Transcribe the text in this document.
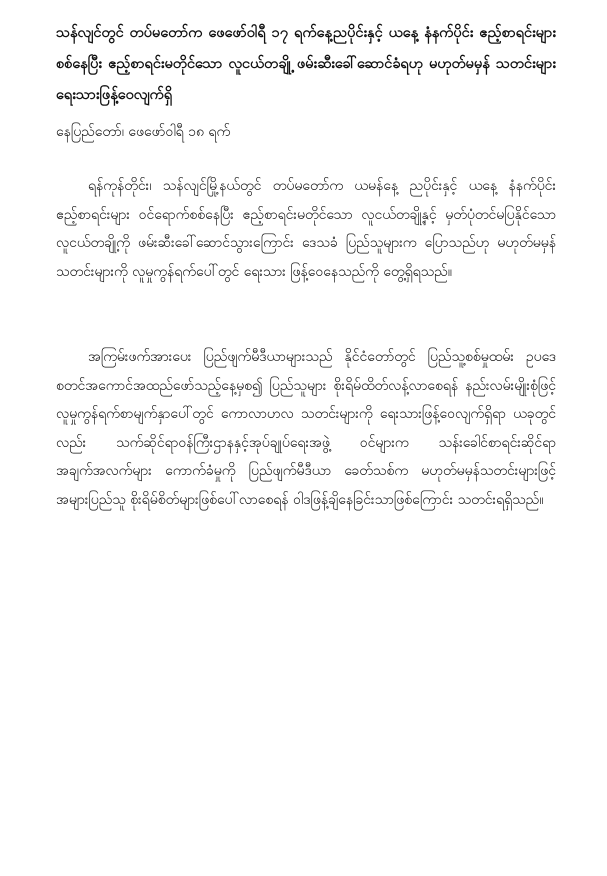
သန်လျင်တွင် တပ်မတော်က ဖေဖော်ဝါရီ ၁၇ ရက်နေ့ညပိုင်းနှင့် ယနေ့ နံနက်ပိုင်း ဧည့်စာရင်းများ စစ်နေပြီး ဧည့်စာရင်းမတိုင်သော လူငယ်တချို့ ဖမ်းဆီးခေါ်ဆောင်ခံရဟု မဟုတ်မမှန် သတင်းများ ရေးသားဖြန့်ဝေလျက်ရှိ

နေပြည်တော်၊ ဖေဖော်ဝါရီ ၁၈ ရက်

ရန်ကုန်တိုင်း၊ သန်လျင်မြို့နယ်တွင် တပ်မတော်က ယမန်နေ့ ညပိုင်းနှင့် ယနေ့ နံနက်ပိုင်း ဧည့်စာရင်းများ ဝင်ရောက်စစ်နေပြီး ဧည့်စာရင်းမတိုင်သော လူငယ်တချို့နှင့် မှတ်ပုံတင်မပြနိုင်သော လူငယ်တချို့ကို ဖမ်းဆီးခေါ်ဆောင်သွားကြောင်း ဒေသခံ ပြည်သူများက ပြောသည်ဟု မဟုတ်မမှန် သတင်းများကို လူမှုကွန်ရက်ပေါ်တွင် ရေးသား ဖြန့်ဝေနေသည်ကို တွေ့ရှိရသည်။

အကြမ်းဖက်အားပေး ပြည်ဖျက်မီဒီယာများသည် နိုင်ငံတော်တွင် ပြည်သူ့စစ်မှုထမ်း ဥပဒေ စတင်အကောင်အထည်ဖော်သည့်နေ့မှစ၍ ပြည်သူများ စိုးရိမ်ထိတ်လန့်လာစေရန် နည်းလမ်းမျိုးစုံဖြင့် လူမှုကွန်ရက်စာမျက်နှာပေါ်တွင် ကောလာဟလ သတင်းများကို ရေးသားဖြန့်ဝေလျက်ရှိရာ ယခုတွင်လည်း သက်ဆိုင်ရာဝန်ကြီးဌာနနှင့်အုပ်ချုပ်ရေးအဖွဲ့ ဝင်များက သန်းခေါင်စာရင်းဆိုင်ရာ အချက်အလက်များ ကောက်ခံမှုကို ပြည်ဖျက်မီဒီယာ ခေတ်သစ်က မဟုတ်မမှန်သတင်းများဖြင့် အများပြည်သူ စိုးရိမ်စိတ်များဖြစ်ပေါ်လာစေရန် ဝါဒဖြန့်ချိနေခြင်းသာဖြစ်ကြောင်း သတင်းရရှိသည်။
